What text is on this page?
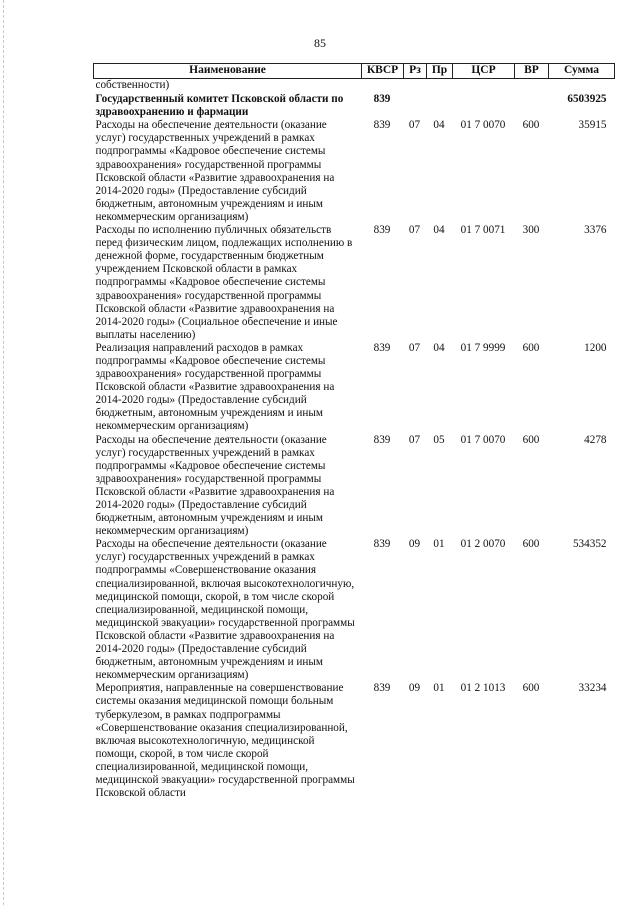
85
Наименование	КВСР	Рз	Пр	ЦСР	ВР	Сумма
собственности)						
Государственный комитет Псковской области по здравоохранению и фармации	839					6503925
Расходы на обеспечение деятельности (оказание услуг) государственных учреждений в рамках подпрограммы «Кадровое обеспечение системы здравоохранения» государственной программы Псковской области «Развитие здравоохранения на 2014-2020 годы» (Предоставление субсидий бюджетным, автономным учреждениям и иным некоммерческим организациям)	839	07	04	01 7 0070	600	35915
Расходы по исполнению публичных обязательств перед физическим лицом, подлежащих исполнению в денежной форме, государственным бюджетным учреждением Псковской области в рамках подпрограммы «Кадровое обеспечение системы здравоохранения» государственной программы Псковской области «Развитие здравоохранения на 2014-2020 годы» (Социальное обеспечение и иные выплаты населению)	839	07	04	01 7 0071	300	3376
Реализация направлений расходов в рамках подпрограммы «Кадровое обеспечение системы здравоохранения» государственной программы Псковской области «Развитие здравоохранения на 2014-2020 годы» (Предоставление субсидий бюджетным, автономным учреждениям и иным некоммерческим организациям)	839	07	04	01 7 9999	600	1200
Расходы на обеспечение деятельности (оказание услуг) государственных учреждений в рамках подпрограммы «Кадровое обеспечение системы здравоохранения» государственной программы Псковской области «Развитие здравоохранения на 2014-2020 годы» (Предоставление субсидий бюджетным, автономным учреждениям и иным некоммерческим организациям)	839	07	05	01 7 0070	600	4278
Расходы на обеспечение деятельности (оказание услуг) государственных учреждений в рамках подпрограммы «Совершенствование оказания специализированной, включая высокотехнологичную, медицинской помощи, скорой, в том числе скорой специализированной, медицинской помощи, медицинской эвакуации» государственной программы Псковской области «Развитие здравоохранения на 2014-2020 годы» (Предоставление субсидий бюджетным, автономным учреждениям и иным некоммерческим организациям)	839	09	01	01 2 0070	600	534352
Мероприятия, направленные на совершенствование системы оказания медицинской помощи больным туберкулезом, в рамках подпрограммы «Совершенствование оказания специализированной, включая высокотехнологичную, медицинской помощи, скорой, в том числе скорой специализированной, медицинской помощи, медицинской эвакуации» государственной программы Псковской области	839	09	01	01 2 1013	600	33234
